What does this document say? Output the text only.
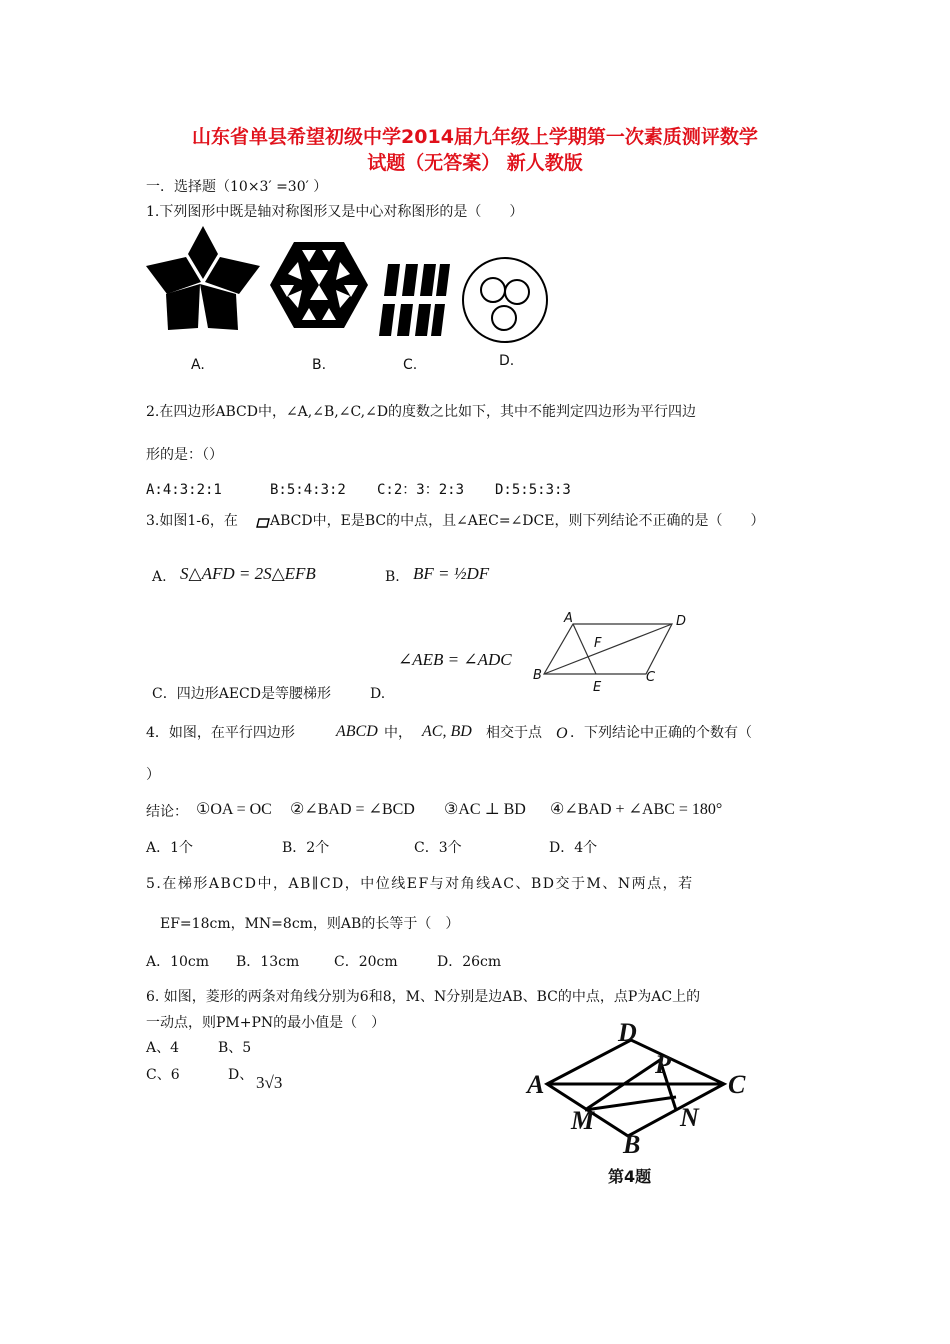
山东省单县希望初级中学2014届九年级上学期第一次素质测评数学
试题（无答案） 新人教版
一．选择题（10×3′ =30′ ）
1.下列图形中既是轴对称图形又是中心对称图形的是（　　）
A.	B.	C.	D.
2.在四边形ABCD中，∠A,∠B,∠C,∠D的度数之比如下，其中不能判定四边形为平行四边
形的是：（）
A:4:3:2:1	B:5:4:3:2 C:2：3：2:3 D:5:5:3:3
3.如图1-6，在 ABCD中，E是BC的中点，且∠AEC=∠DCE，则下列结论不正确的是（　　）
A. S△AFD = 2S△EFB	B. BF = ½DF
∠AEB = ∠ADC
C．四边形AECD是等腰梯形	D.
A	D
F
B
E
C
4．如图，在平行四边形	ABCD 中， AC, BD 相交于点 O ．下列结论中正确的个数有（
）
结论： ①OA = OC ②∠BAD = ∠BCD ③AC ⊥ BD ④∠BAD + ∠ABC = 180°
A．1个	B．2个	C．3个	D．4个
5.在梯形ABCD中，AB∥CD，中位线EF与对角线AC、BD交于M、N两点，若
EF=18cm，MN=8cm，则AB的长等于（　）
A．10cm B．13cm C．20cm	D．26cm
6. 如图，菱形的两条对角线分别为6和8，M、N分别是边AB、BC的中点，点P为AC上的
一动点，则PM+PN的最小值是（　）
A、4	B、5
C、6	D、 3√3
D
P
A	C
M	N
B
第4题
